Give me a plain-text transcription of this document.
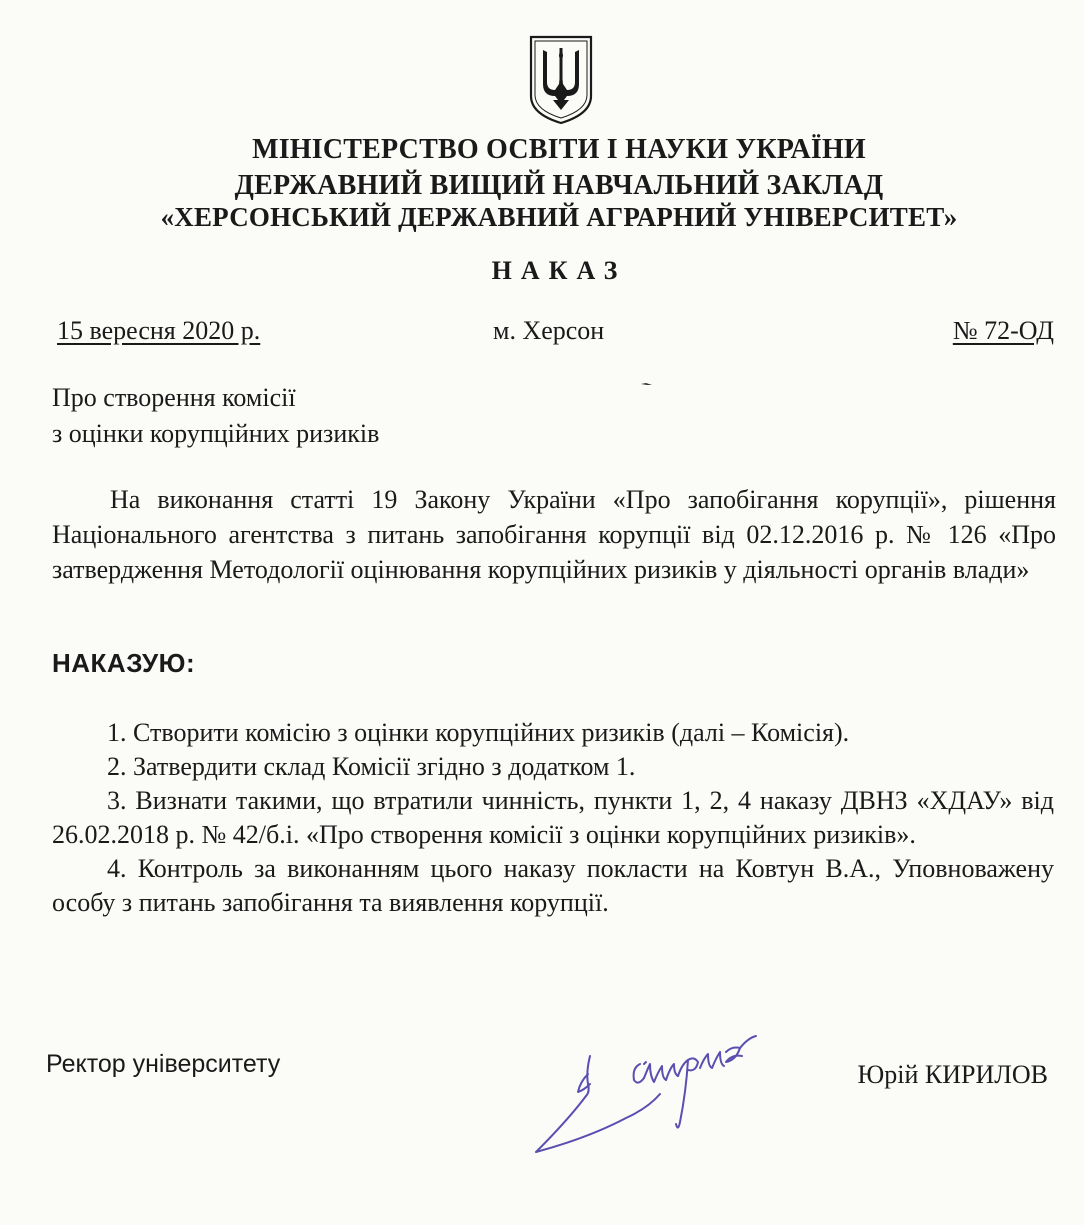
МІНІСТЕРСТВО ОСВІТИ І НАУКИ УКРАЇНИ
ДЕРЖАВНИЙ ВИЩИЙ НАВЧАЛЬНИЙ ЗАКЛАД
«ХЕРСОНСЬКИЙ ДЕРЖАВНИЙ АГРАРНИЙ УНІВЕРСИТЕТ»
НАКАЗ
15 вересня 2020 р.	м. Херсон	№ 72-ОД
Про створення комісії
з оцінки корупційних ризиків

На виконання статті 19 Закону України «Про запобігання корупції», рішення Національного агентства з питань запобігання корупції від 02.12.2016 р. № 126 «Про затвердження Методології оцінювання корупційних ризиків у діяльності органів влади»

НАКАЗУЮ:

1. Створити комісію з оцінки корупційних ризиків (далі – Комісія).

2. Затвердити склад Комісії згідно з додатком 1.

3. Визнати такими, що втратили чинність, пункти 1, 2, 4 наказу ДВНЗ «ХДАУ» від 26.02.2018 р. № 42/б.і. «Про створення комісії з оцінки корупційних ризиків».

4. Контроль за виконанням цього наказу покласти на Ковтун В.А., Уповноважену особу з питань запобігання та виявлення корупції.

Ректор університету	Юрій КИРИЛОВ
